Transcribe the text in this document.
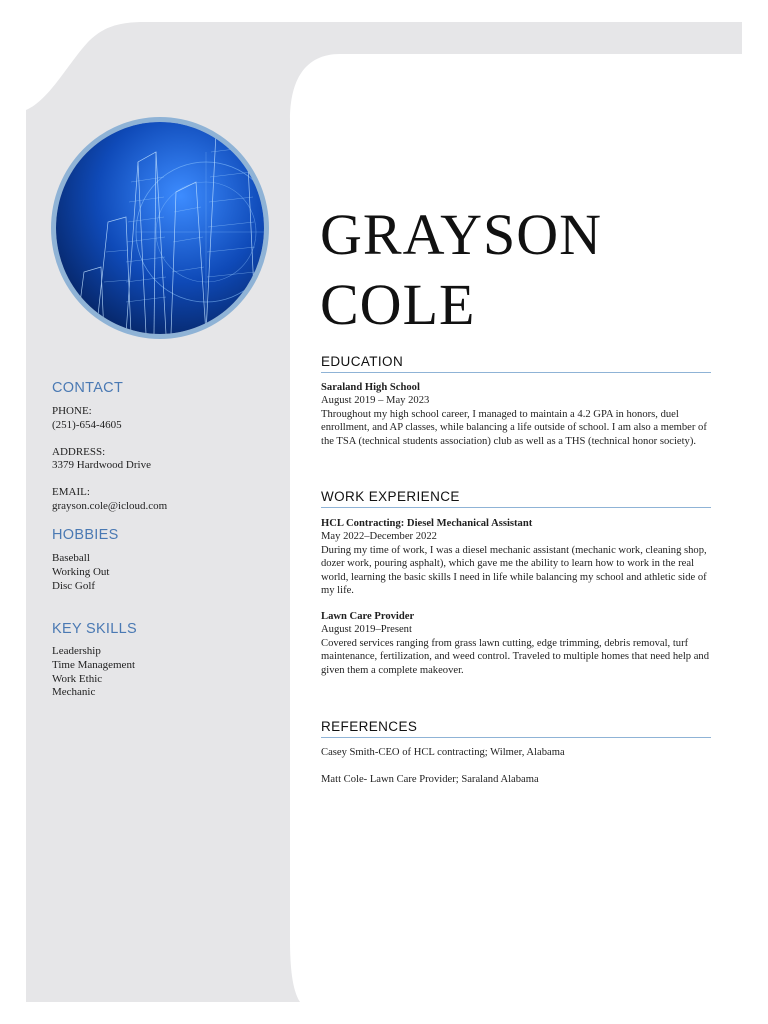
CONTACT
PHONE:
(251)-654-4605
ADDRESS:
3379 Hardwood Drive
EMAIL:
grayson.cole@icloud.com
HOBBIES
Baseball
Working Out
Disc Golf
KEY SKILLS
Leadership
Time Management
Work Ethic
Mechanic
GRAYSON
COLE
EDUCATION

Saraland High School

August 2019 – May 2023

Throughout my high school career, I managed to maintain a 4.2 GPA in honors, duel enrollment, and AP classes, while balancing a life outside of school. I am also a member of the TSA (technical students association) club as well as a THS (technical honor society).

WORK EXPERIENCE

HCL Contracting: Diesel Mechanical Assistant

May 2022–December 2022

During my time of work, I was a diesel mechanic assistant (mechanic work, cleaning shop, dozer work, pouring asphalt), which gave me the ability to learn how to work in the real world, learning the basic skills I need in life while balancing my school and athletic side of my life.

Lawn Care Provider

August 2019–Present

Covered services ranging from grass lawn cutting, edge trimming, debris removal, turf maintenance, fertilization, and weed control. Traveled to multiple homes that need help and given them a complete makeover.

REFERENCES
Casey Smith-CEO of HCL contracting; Wilmer, Alabama
Matt Cole- Lawn Care Provider; Saraland Alabama
